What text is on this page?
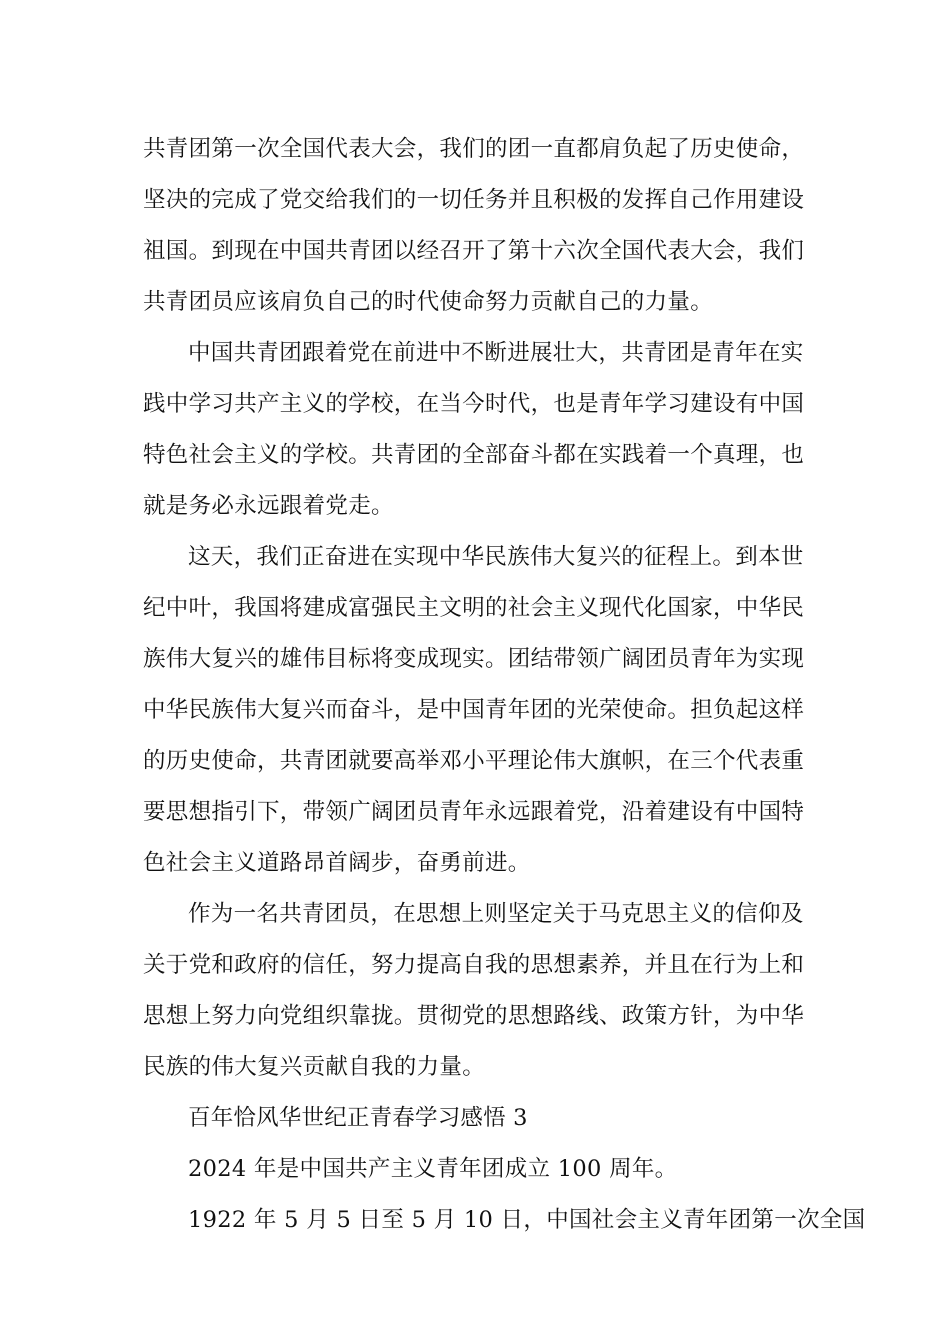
共青团第一次全国代表大会，我们的团一直都肩负起了历史使命，
坚决的完成了党交给我们的一切任务并且积极的发挥自己作用建设
祖国。到现在中国共青团以经召开了第十六次全国代表大会，我们
共青团员应该肩负自己的时代使命努力贡献自己的力量。

中国共青团跟着党在前进中不断进展壮大，共青团是青年在实
践中学习共产主义的学校，在当今时代，也是青年学习建设有中国
特色社会主义的学校。共青团的全部奋斗都在实践着一个真理，也
就是务必永远跟着党走。

这天，我们正奋进在实现中华民族伟大复兴的征程上。到本世
纪中叶，我国将建成富强民主文明的社会主义现代化国家，中华民
族伟大复兴的雄伟目标将变成现实。团结带领广阔团员青年为实现
中华民族伟大复兴而奋斗，是中国青年团的光荣使命。担负起这样
的历史使命，共青团就要高举邓小平理论伟大旗帜，在三个代表重
要思想指引下，带领广阔团员青年永远跟着党，沿着建设有中国特
色社会主义道路昂首阔步，奋勇前进。

作为一名共青团员，在思想上则坚定关于马克思主义的信仰及
关于党和政府的信任，努力提高自我的思想素养，并且在行为上和
思想上努力向党组织靠拢。贯彻党的思想路线、政策方针，为中华
民族的伟大复兴贡献自我的力量。

百年恰风华世纪正青春学习感悟 3

2024 年是中国共产主义青年团成立 100 周年。

1922 年 5 月 5 日至 5 月 10 日，中国社会主义青年团第一次全国
